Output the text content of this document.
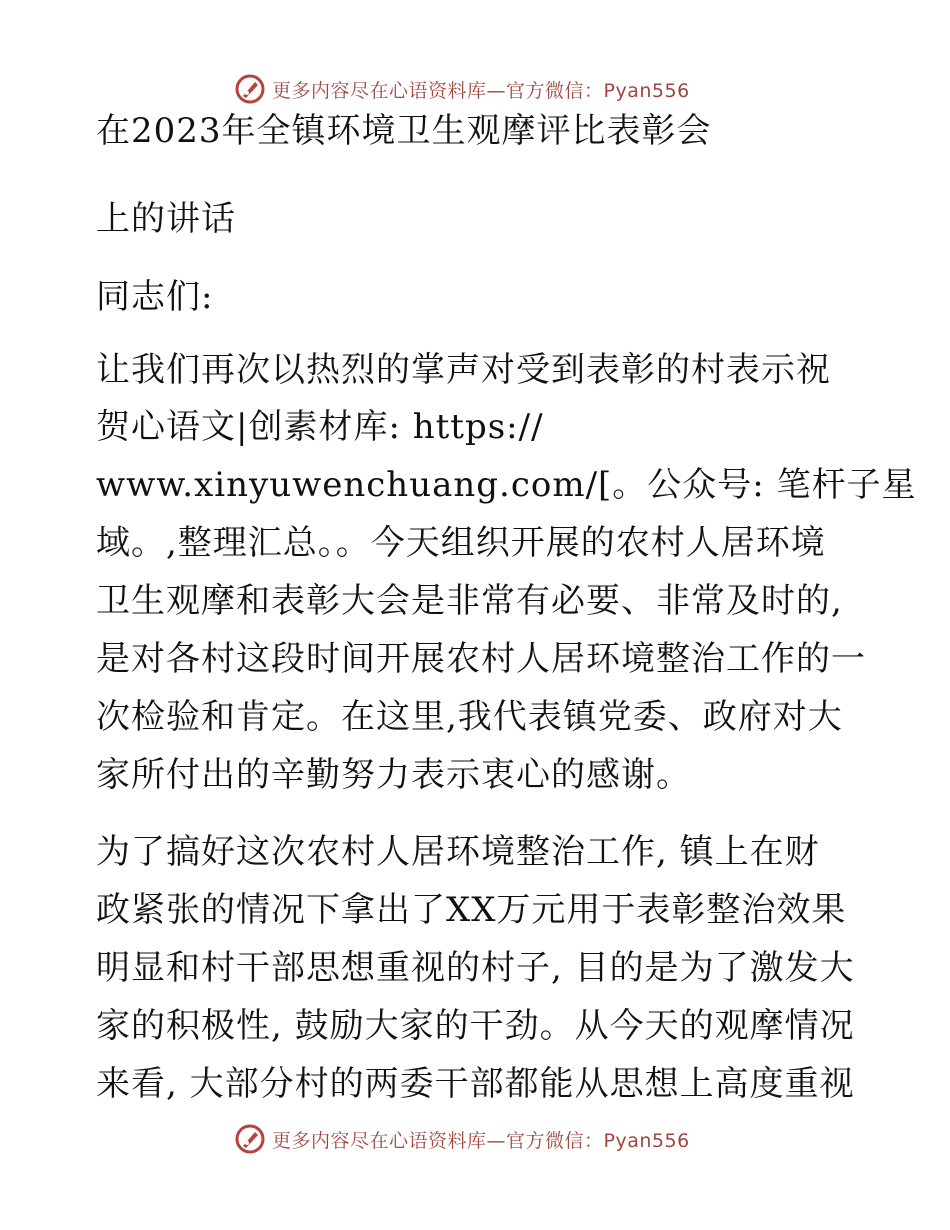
更多内容尽在心语资料库—官方微信：Pyan556
在2023年全镇环境卫生观摩评比表彰会
上的讲话
同志们:
让我们再次以热烈的掌声对受到表彰的村表示祝
贺心语文|创素材库: https://
www.xinyuwenchuang.com/[。公众号: 笔杆子星
域。,整理汇总。。今天组织开展的农村人居环境
卫生观摩和表彰大会是非常有必要、非常及时的,
是对各村这段时间开展农村人居环境整治工作的一
次检验和肯定。在这里,我代表镇党委、政府对大
家所付出的辛勤努力表示衷心的感谢。
为了搞好这次农村人居环境整治工作, 镇上在财
政紧张的情况下拿出了XX万元用于表彰整治效果
明显和村干部思想重视的村子, 目的是为了激发大
家的积极性, 鼓励大家的干劲。从今天的观摩情况
来看, 大部分村的两委干部都能从思想上高度重视
更多内容尽在心语资料库—官方微信：Pyan556
